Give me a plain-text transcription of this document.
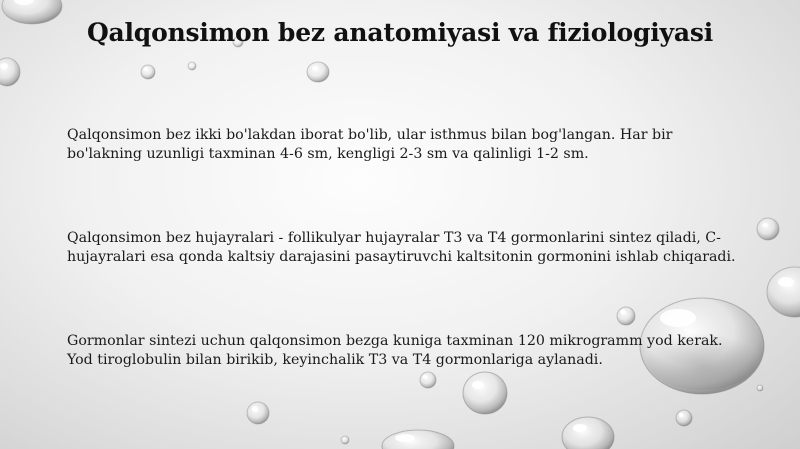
Qalqonsimon bez anatomiyasi va fiziologiyasi

Qalqonsimon bez ikki bo'lakdan iborat bo'lib, ular isthmus bilan bog'langan. Har bir bo'lakning uzunligi taxminan 4-6 sm, kengligi 2-3 sm va qalinligi 1-2 sm.

Qalqonsimon bez hujayralari - follikulyar hujayralar T3 va T4 gormonlarini sintez qiladi, C-hujayralari esa qonda kaltsiy darajasini pasaytiruvchi kaltsitonin gormonini ishlab chiqaradi.

Gormonlar sintezi uchun qalqonsimon bezga kuniga taxminan 120 mikrogramm yod kerak. Yod tiroglobulin bilan birikib, keyinchalik T3 va T4 gormonlariga aylanadi.
